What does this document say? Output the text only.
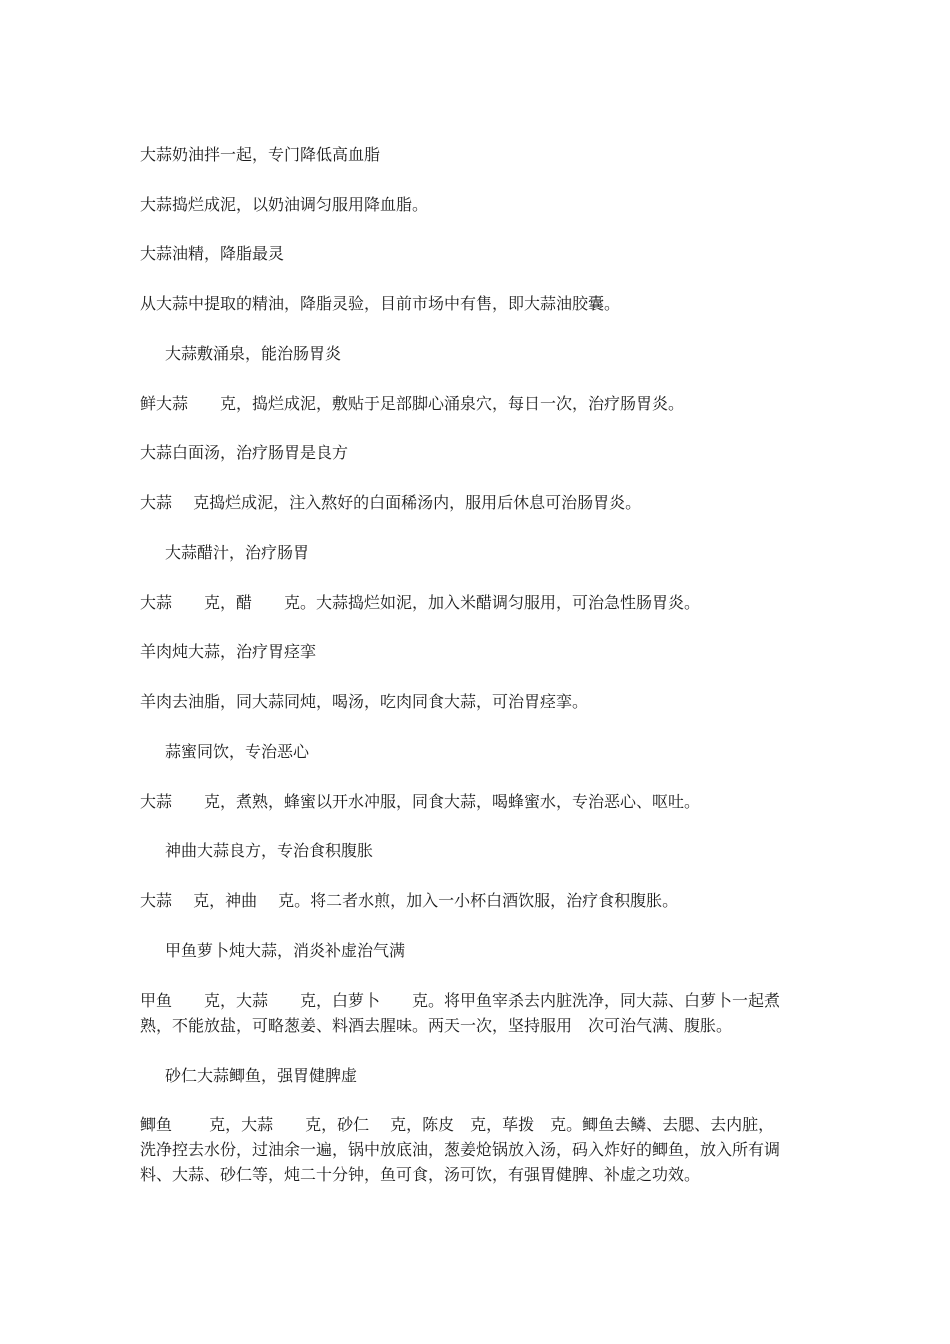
大蒜奶油拌一起，专门降低高血脂

大蒜捣烂成泥，以奶油调匀服用降血脂。

大蒜油精，降脂最灵

从大蒜中提取的精油，降脂灵验，目前市场中有售，即大蒜油胶囊。

大蒜敷涌泉，能治肠胃炎

鲜大蒜　　克，捣烂成泥，敷贴于足部脚心涌泉穴，每日一次，治疗肠胃炎。

大蒜白面汤，治疗肠胃是良方

大蒜　 克捣烂成泥，注入熬好的白面稀汤内，服用后休息可治肠胃炎。

大蒜醋汁，治疗肠胃

大蒜　　克，醋　　克。大蒜捣烂如泥，加入米醋调匀服用，可治急性肠胃炎。

羊肉炖大蒜，治疗胃痉挛

羊肉去油脂，同大蒜同炖，喝汤，吃肉同食大蒜，可治胃痉挛。

蒜蜜同饮，专治恶心

大蒜　　克，煮熟，蜂蜜以开水冲服，同食大蒜，喝蜂蜜水，专治恶心、呕吐。

神曲大蒜良方，专治食积腹胀

大蒜　 克，神曲　 克。将二者水煎，加入一小杯白酒饮服，治疗食积腹胀。

甲鱼萝卜炖大蒜，消炎补虚治气满

甲鱼　　克，大蒜　　克，白萝卜　　克。将甲鱼宰杀去内脏洗净，同大蒜、白萝卜一起煮

熟，不能放盐，可略葱姜、料酒去腥味。两天一次，坚持服用　次可治气满、腹胀。

砂仁大蒜鲫鱼，强胃健脾虚

鲫鱼　　 克，大蒜　　克，砂仁　 克，陈皮　克，荜拨　克。鲫鱼去鳞、去腮、去内脏，

洗净控去水份，过油余一遍，锅中放底油，葱姜炝锅放入汤，码入炸好的鲫鱼，放入所有调

料、大蒜、砂仁等，炖二十分钟，鱼可食，汤可饮，有强胃健脾、补虚之功效。
